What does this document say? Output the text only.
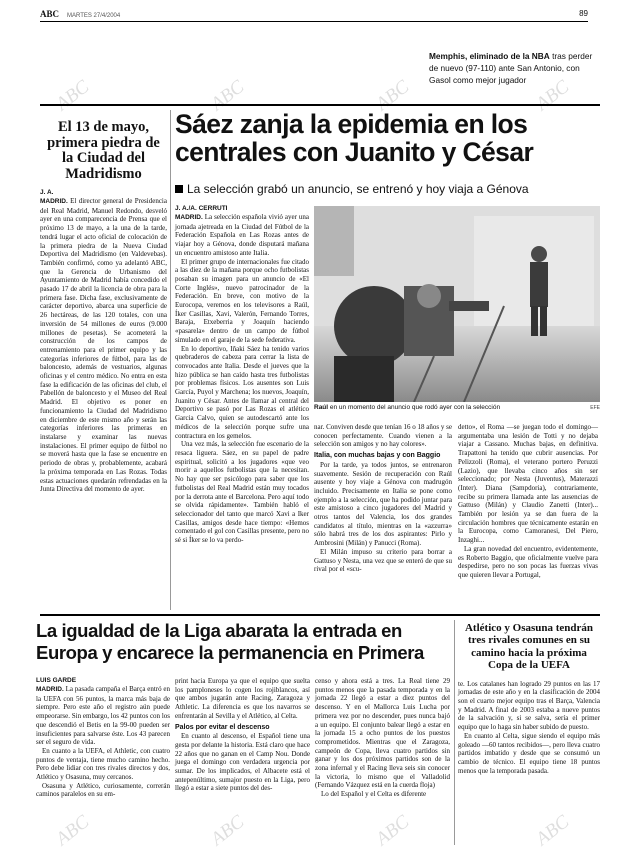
ABC MARTES 27/4/2004	89
Memphis, eliminado de la NBA tras perder de nuevo (97-110) ante San Antonio, con Gasol como mejor jugador
El 13 de mayo, primera piedra de la Ciudad del Madridismo
J. A.
MADRID. El director general de Presidencia del Real Madrid, Manuel Redondo, desveló ayer en una comparecencia de Prensa que el próximo 13 de mayo, a la una de la tarde, tendrá lugar el acto oficial de colocación de la primera piedra de la Nueva Ciudad Deportiva del Madridismo (en Valdevebas). También confirmó, como ya adelantó ABC, que la Gerencia de Urbanismo del Ayuntamiento de Madrid había concedido el pasado 17 de abril la licencia de obra para la primera fase. Dicha fase, exclusivamente de carácter deportivo, abarca una superficie de 26 hectáreas, de las 120 totales, con una inversión de 54 millones de euros (9.000 millones de pesetas). Se acometerá la construcción de los campos de entrenamiento para el primer equipo y las categorías inferiores de fútbol, para las de baloncesto, además de vestuarios, algunas oficinas y el centro médico. No entra en esta fase la edificación de las oficinas del club, el Pabellón de baloncesto y el Museo del Real Madrid. El objetivo es poner en funcionamiento la Ciudad del Madridismo en diciembre de este mismo año y serán las categorías inferiores las primeras en instalarse y examinar las nuevas instalaciones. El primer equipo de fútbol no se moverá hasta que la fase se encuentre en periodo de obras y, probablemente, acabará la próxima temporada en Las Rozas. Todas estas actuaciones quedarán refrendadas en la Junta Directiva del momento de ayer.
Sáez zanja la epidemia en los centrales con Juanito y César
La selección grabó un anuncio, se entrenó y hoy viaja a Génova
J. A./A. CERRUTI
MADRID. La selección española vivió ayer una jornada ajetreada en la Ciudad del Fútbol de la Federación Española en Las Rozas antes de viajar hoy a Génova, donde disputará mañana un encuentro amistoso ante Italia.

El primer grupo de internacionales fue citado a las diez de la mañana porque ocho futbolistas posaban su imagen para un anuncio de «El Corte Inglés», nuevo patrocinador de la Federación. En breve, con motivo de la Eurocopa, veremos en los televisores a Raúl, Íker Casillas, Xavi, Valerón, Fernando Torres, Baraja, Etxeberria y Joaquín haciendo «pasarela» dentro de un campo de fútbol simulado en el garaje de la sede federativa.

En lo deportivo, Iñaki Sáez ha tenido varios quebraderos de cabeza para cerrar la lista de convocados ante Italia. Desde el jueves que la hizo pública se han caído hasta tres futbolistas por problemas físicos. Los ausentes son Luis García, Puyol y Marchena; los nuevos, Joaquín, Juanito y César. Antes de llamar al central del Deportivo se pasó por Las Rozas el atlético Garcia Calvo, quien se autodescartó ante los médicos de la selección porque sufre una contractura en los gemelos.

Una vez más, la selección fue escenario de la resaca liguera. Sáez, en su papel de padre espiritual, solicitó a los jugadores «que veo morir a aquellos futbolistas que la necesitan. No hay que ser psicólogo para saber que los futbolistas del Real Madrid están muy tocados por la derrota ante el Barcelona. Pero aquí todo se olvida rápidamente». También habló el seleccionador del tanto que marcó Xavi a Iker Casillas, amigos desde hace tiempo: «Hemos comentado el gol con Casillas presente, pero no sé si Íker se lo va perdo-

Raúl en un momento del anuncio que rodó ayer con la selección	EFE
nar. Conviven desde que tenían 16 o 18 años y se conocen perfectamente. Cuando vienen a la selección son amigos y no hay colores».
Italia, con muchas bajas y con Baggio

Por la tarde, ya todos juntos, se entrenaron suavemente. Sesión de recuperación con Raúl ausente y hoy viaje a Génova con madrugón incluido. Precisamente en Italia se pone como ejemplo a la selección, que ha podido juntar para este amistoso a cinco jugadores del Madrid y otros tantos del Valencia, los dos grandes candidatos al título, mientras en la «azzurra» sólo habrá tres de los dos aspirantes: Pirlo y Ambrosini (Milán) y Panucci (Roma).

El Milán impuso su criterio para borrar a Gattuso y Nesta, una vez que se enteró de que su rival por el «scu-

detto», el Roma —se juegan todo el domingo— argumentaba una lesión de Totti y no dejaba viajar a Cassano. Muchas bajas, en definitiva. Trapattoni ha tenido que cubrir ausencias. Por Pelizzoli (Roma), el veterano portero Peruzzi (Lazio), que llevaba cinco años sin ser seleccionado; por Nesta (Juventus), Materazzi (Inter). Diana (Sampdoria), contrariamente, recibe su primera llamada ante las ausencias de Gattuso (Milán) y Claudio Zanetti (Inter)... También por lesión ya se dan fuera de la circulación hombres que técnicamente estarán en la Eurocopa, como Camoranesi, Del Piero, Inzaghi...

La gran novedad del encuentro, evidentemente, es Roberto Baggio, que oficialmente vuelve para despedirse, pero no son pocas las fuerzas vivas que quieren llevar a Portugal,

La igualdad de la Liga abarata la entrada en Europa y encarece la permanencia en Primera
LUIS GARDE
MADRID. La pasada campaña el Barça entró en la UEFA con 56 puntos, la marca más baja de siempre. Pero este año el registro aún puede empeorarse. Sin embargo, los 42 puntos con los que descendió el Betis en la 99-00 pueden ser insuficientes para salvarse éste. Los 43 parecen ser el seguro de vida.

En cuanto a la UEFA, el Athletic, con cuatro puntos de ventaja, tiene mucho camino hecho. Pero debe lidiar con tres rivales directos y dos, Atlético y Osasuna, muy cercanos.

Osasuna y Atlético, curiosamente, correrán caminos paralelos en su em-

print hacia Europa ya que el equipo que suelta los pamploneses lo cogen los rojiblancos, así que ambos jugarán ante Racing, Zaragoza y Athletic. La diferencia es que los navarros se enfrentarán al Sevilla y el Atlético, al Celta.
Palos por evitar el descenso

En cuanto al descenso, el Español tiene una gesta por delante la historia. Está claro que hace 22 años que no ganan en el Camp Nou. Donde juega el domingo con verdadera urgencia por sumar. De los implicados, el Albacete está el antepenúltimo, sumajor puesto en la Liga, pero llegó a estar a siete puntos del des-

censo y ahora está a tres. La Real tiene 29 puntos menos que la pasada temporada y en la jornada 22 llegó a estar a diez puntos del descenso. Y en el Mallorca Luis Lucha por primera vez por no descender, pues nunca bajó a un equipo. El conjunto balear llegó a estar en la jornada 15 a ocho puntos de los puestos comprometidos. Mientras que el Zaragoza, campeón de Copa, lleva cuatro partidos sin ganar y los dos próximos partidos son de la zona infernal y el Racing lleva seis sin conocer la victoria, lo mismo que el Valladolid (Fernando Vázquez está en la cuerda floja)

Lo del Español y el Celta es diferente

Atlético y Osasuna tendrán tres rivales comunes en su camino hacia la próxima Copa de la UEFA
te. Los catalanes han logrado 29 puntos en las 17 jornadas de este año y en la clasificación de 2004 son el cuarto mejor equipo tras el Barça, Valencia y Madrid. A final de 2003 estaba a nueve puntos de la salvación y, si se salva, sería el primer equipo que lo haga sin haber subido de puesto.

En cuanto al Celta, sigue siendo el equipo más goleado —60 tantos recibidos—, pero lleva cuatro partidos imbatido y desde que se consumó un cambio de técnico. El equipo tiene 18 puntos menos que la temporada pasada.

ABC	ABC	ABC	ABC
ABC	ABC	ABC	ABC
